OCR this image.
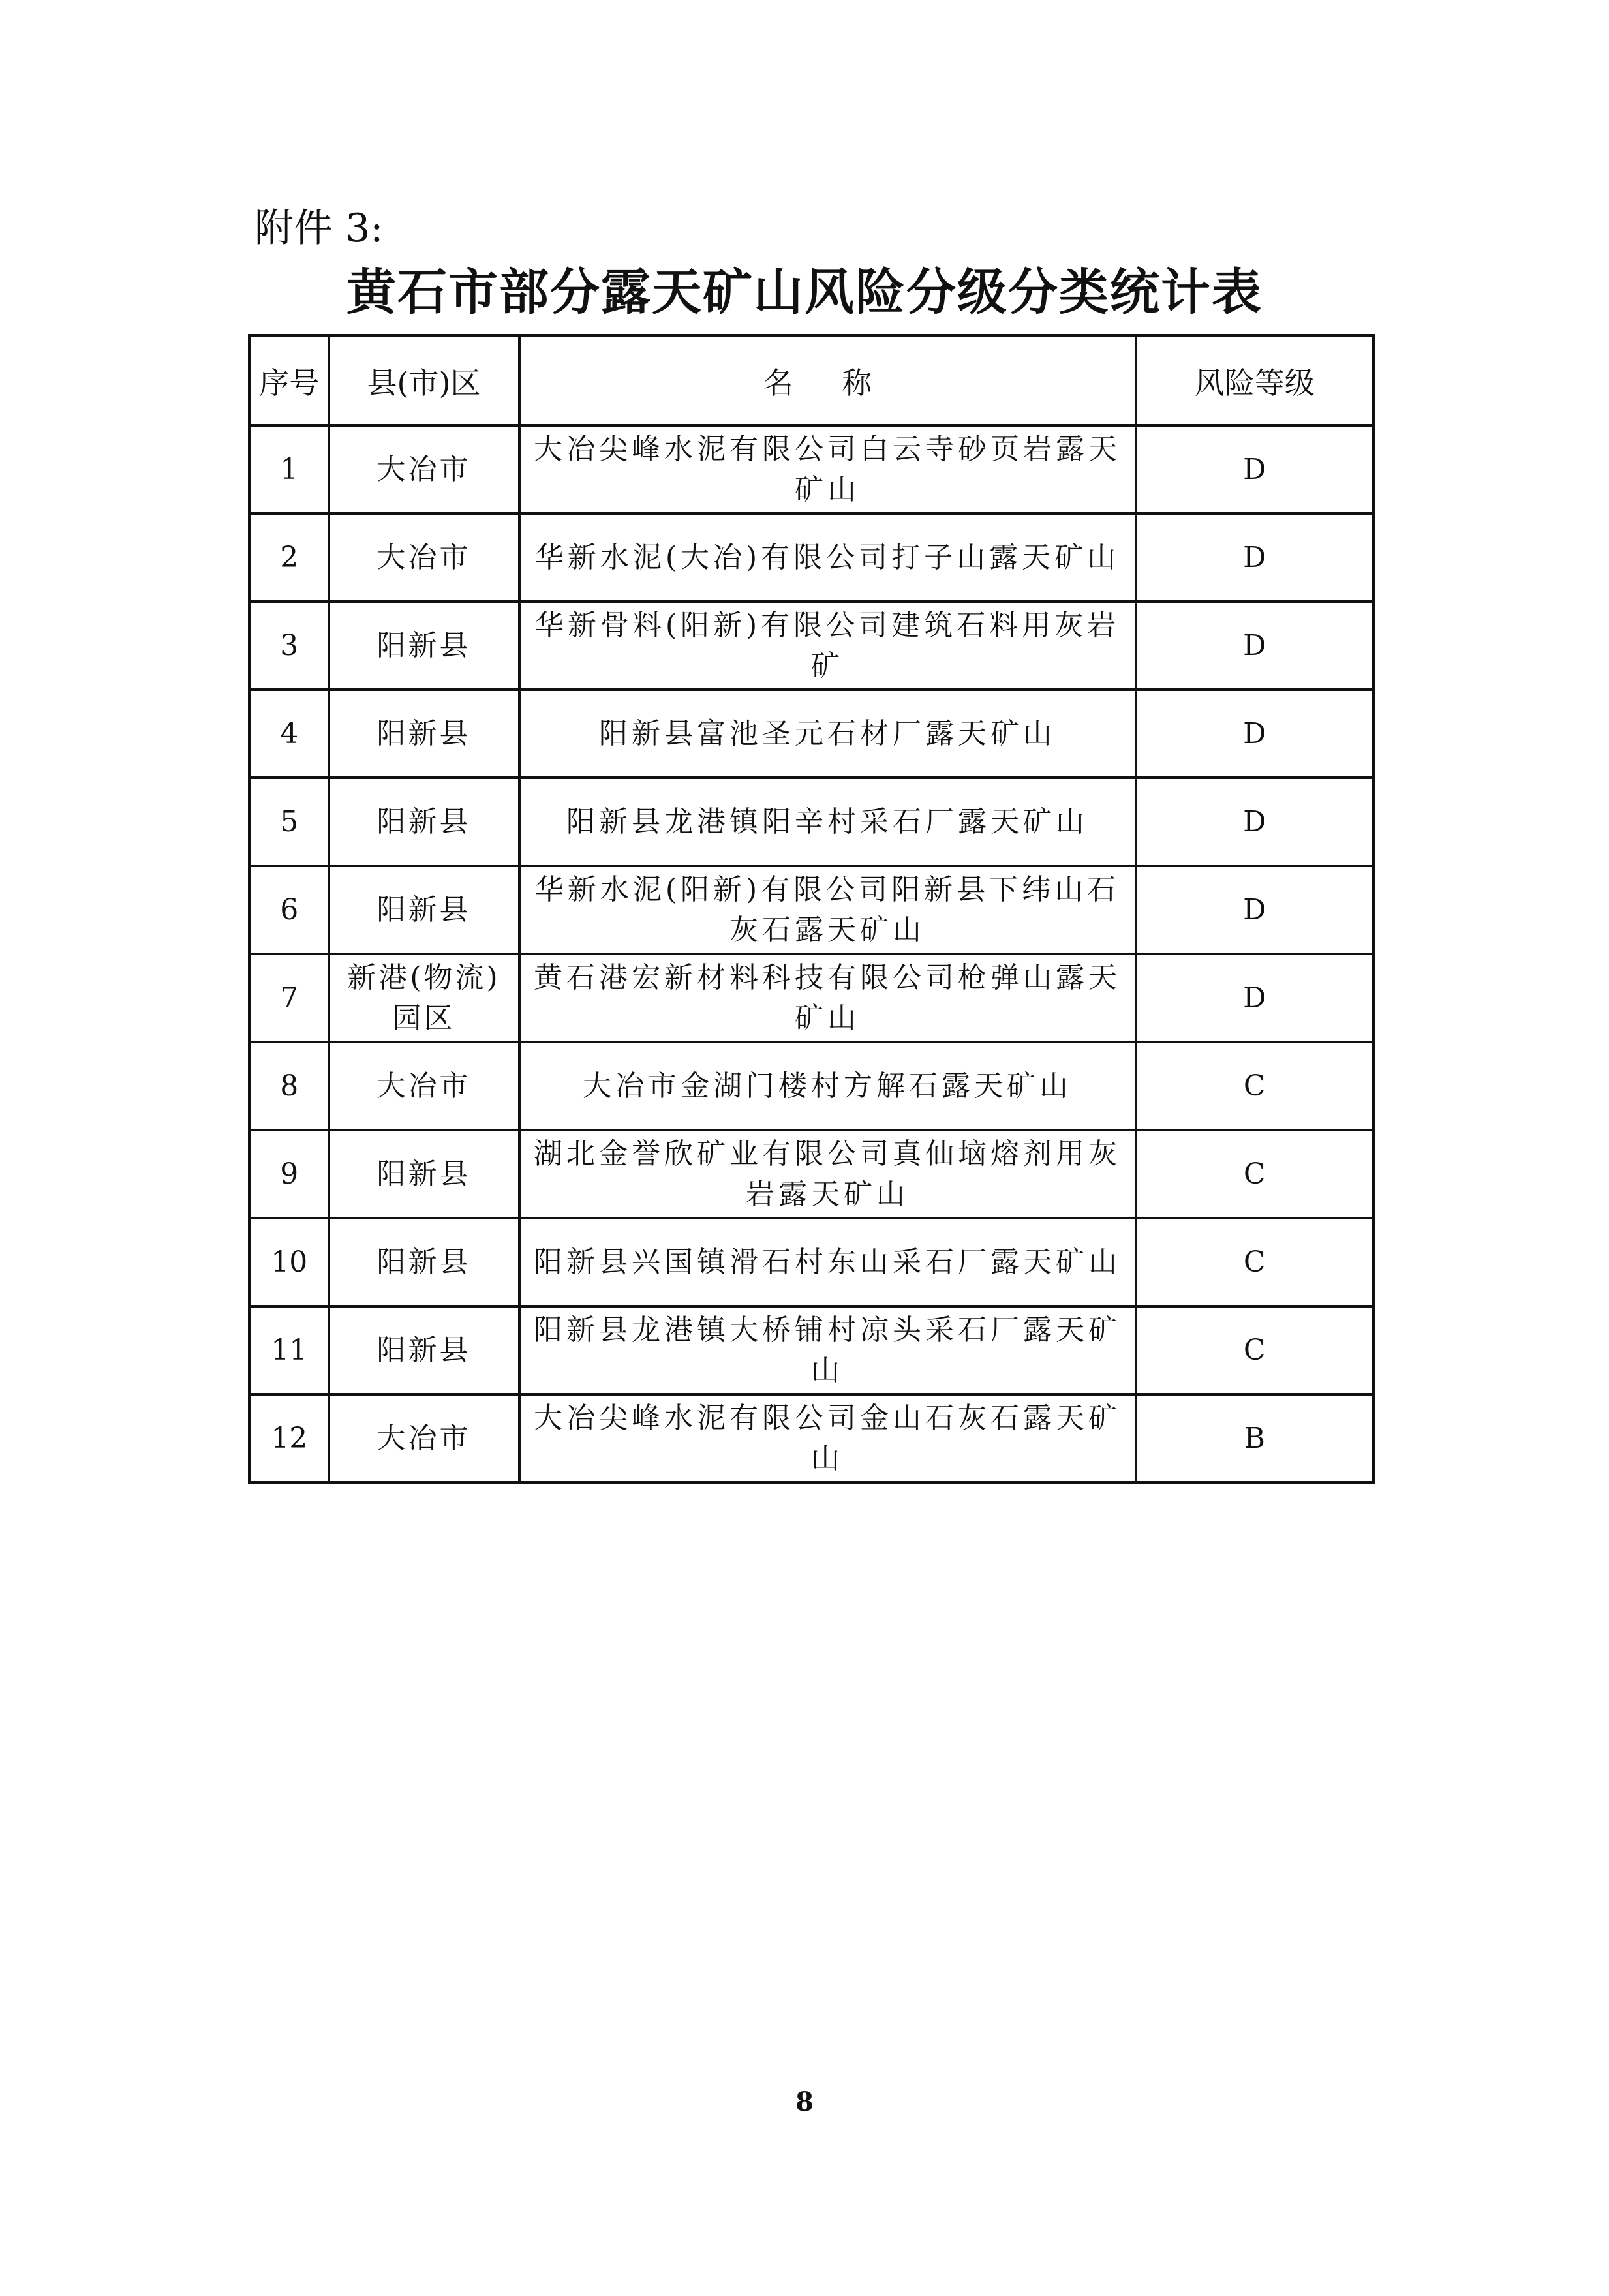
附件 3:
黄石市部分露天矿山风险分级分类统计表
序号	县(市)区	名 称	风险等级
1	大冶市	大冶尖峰水泥有限公司白云寺砂页岩露天矿山	D
2	大冶市	华新水泥(大冶)有限公司打子山露天矿山	D
3	阳新县	华新骨料(阳新)有限公司建筑石料用灰岩矿	D
4	阳新县	阳新县富池圣元石材厂露天矿山	D
5	阳新县	阳新县龙港镇阳辛村采石厂露天矿山	D
6	阳新县	华新水泥(阳新)有限公司阳新县下纬山石灰石露天矿山	D
7	新港(物流)园区	黄石港宏新材料科技有限公司枪弹山露天矿山	D
8	大冶市	大冶市金湖门楼村方解石露天矿山	C
9	阳新县	湖北金誉欣矿业有限公司真仙垴熔剂用灰岩露天矿山	C
10	阳新县	阳新县兴国镇滑石村东山采石厂露天矿山	C
11	阳新县	阳新县龙港镇大桥铺村凉头采石厂露天矿山	C
12	大冶市	大冶尖峰水泥有限公司金山石灰石露天矿山	B
8
